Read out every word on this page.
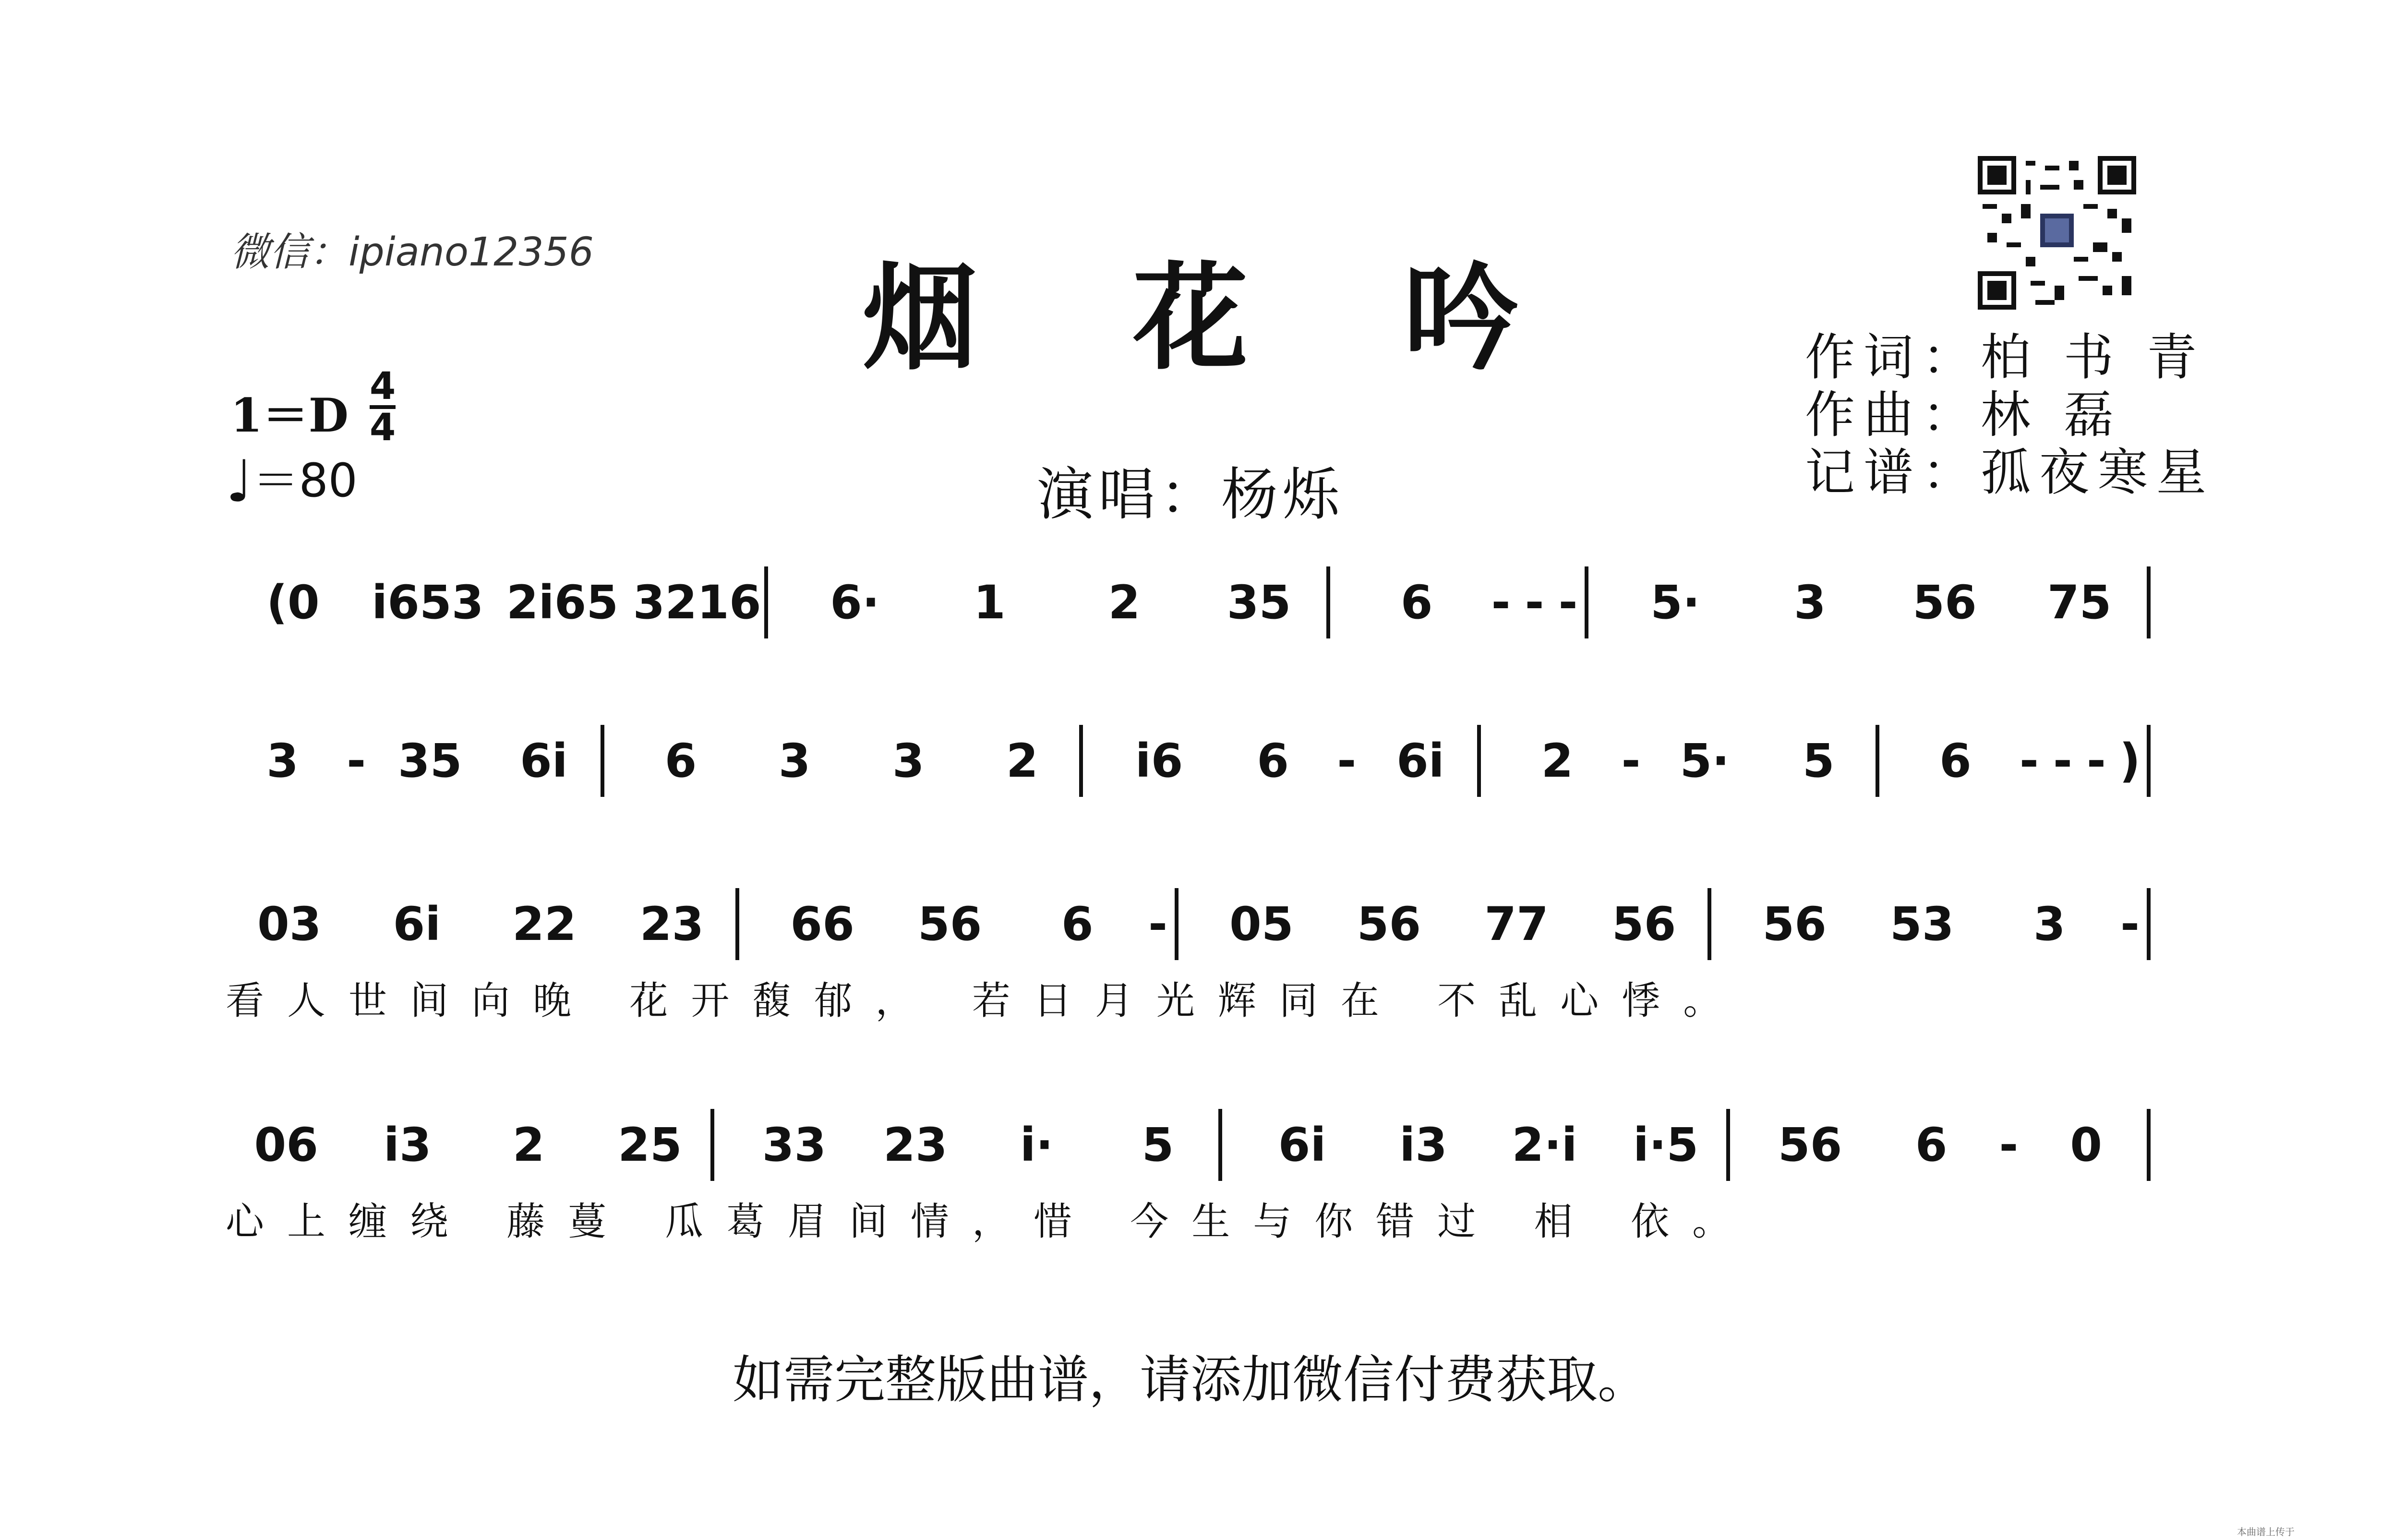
微信：ipiano12356	烟 花 吟	作词：柏 书 青
作曲：林 磊
记谱：孤夜寒星
1＝D
4
4
♩＝80	演唱：杨烁
(0	i653 2i65 3216	6·	1	2	35	6	- - -	5·	3	56	75
3	- 35	6i	6	3	3	2	i6	6	- 6i	2	- 5·	5	6	- - - )
03	6i	22	23	66	56	6	-	05	56	77	56	56	53	3	-
看人世间向晚 花开馥郁， 若日月光辉同在 不乱心悸。
06	i3	2	25	33	23	i·	5	6i	i3	2·i	i·5	56	6	-	0
心上缠绕 藤蔓 瓜葛眉间情，惜 今生与你错过 相 依。
如需完整版曲谱，请添加微信付费获取。
本曲谱上传于
